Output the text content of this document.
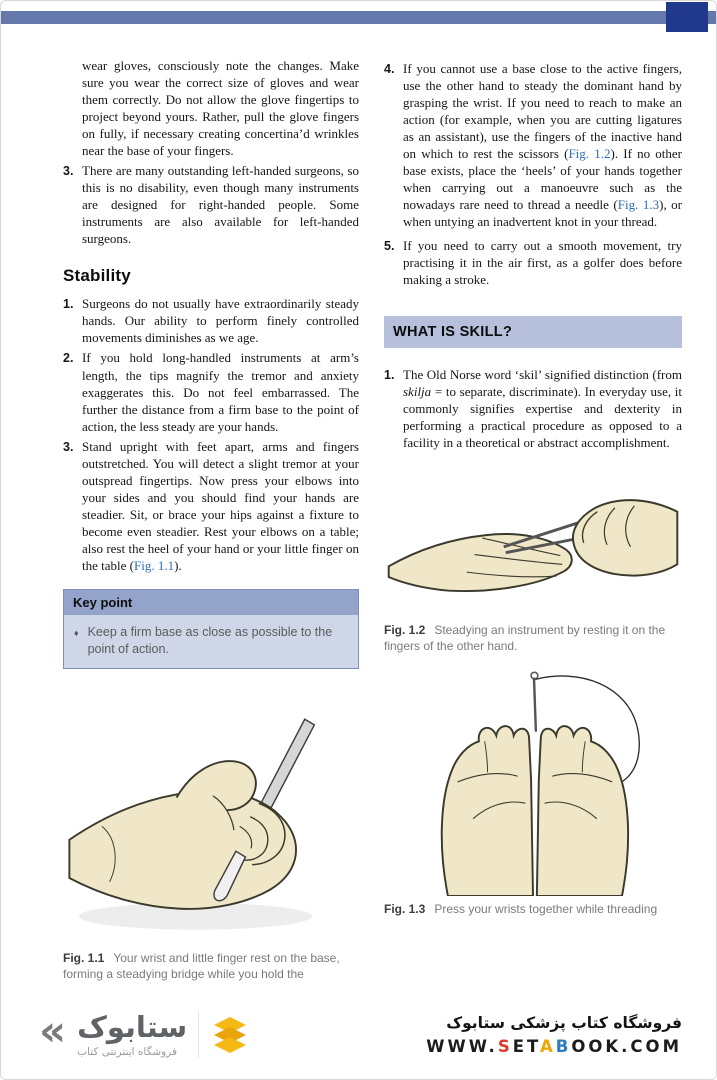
wear gloves, consciously note the changes. Make sure you wear the correct size of gloves and wear them correctly. Do not allow the glove fingertips to project beyond yours. Rather, pull the glove fingers on fully, if necessary creating concertina’d wrinkles near the base of your fingers.

3. There are many outstanding left-handed surgeons, so this is no disability, even though many instruments are designed for right-handed people. Some instruments are also available for left-handed surgeons.
Stability
1. Surgeons do not usually have extraordinarily steady hands. Our ability to perform finely controlled movements diminishes as we age.
2. If you hold long-handled instruments at arm’s length, the tips magnify the tremor and anxiety exaggerates this. Do not feel embarrassed. The further the distance from a firm base to the point of action, the less steady are your hands.
3. Stand upright with feet apart, arms and fingers outstretched. You will detect a slight tremor at your outspread fingertips. Now press your elbows into your sides and you should find your hands are steadier. Sit, or brace your hips against a fixture to become even steadier. Rest your elbows on a table; also rest the heel of your hand or your little finger on the table (Fig. 1.1).
Key point
♦ Keep a firm base as close as possible to the point of action.
Fig. 1.1 Your wrist and little finger rest on the base, forming a steadying bridge while you hold the
4. If you cannot use a base close to the active fingers, use the other hand to steady the dominant hand by grasping the wrist. If you need to reach to make an action (for example, when you are cutting ligatures as an assistant), use the fingers of the inactive hand on which to rest the scissors (Fig. 1.2). If no other base exists, place the ‘heels’ of your hands together when carrying out a manoeuvre such as the nowadays rare need to thread a needle (Fig. 1.3), or when untying an inadvertent knot in your thread.
5. If you need to carry out a smooth movement, try practising it in the air first, as a golfer does before making a stroke.
WHAT IS SKILL?
1. The Old Norse word ‘skil’ signified distinction (from skilja = to separate, discriminate). In everyday use, it commonly signifies expertise and dexterity in performing a practical procedure as opposed to a facility in a theoretical or abstract accomplishment.
Fig. 1.2 Steadying an instrument by resting it on the fingers of the other hand.
Fig. 1.3 Press your wrists together while threading
« ستابوک
فروشگاه اینترنتی کتاب
فروشگاه کتاب پزشکی ستابوک
WWW.SETABOOK.COM
